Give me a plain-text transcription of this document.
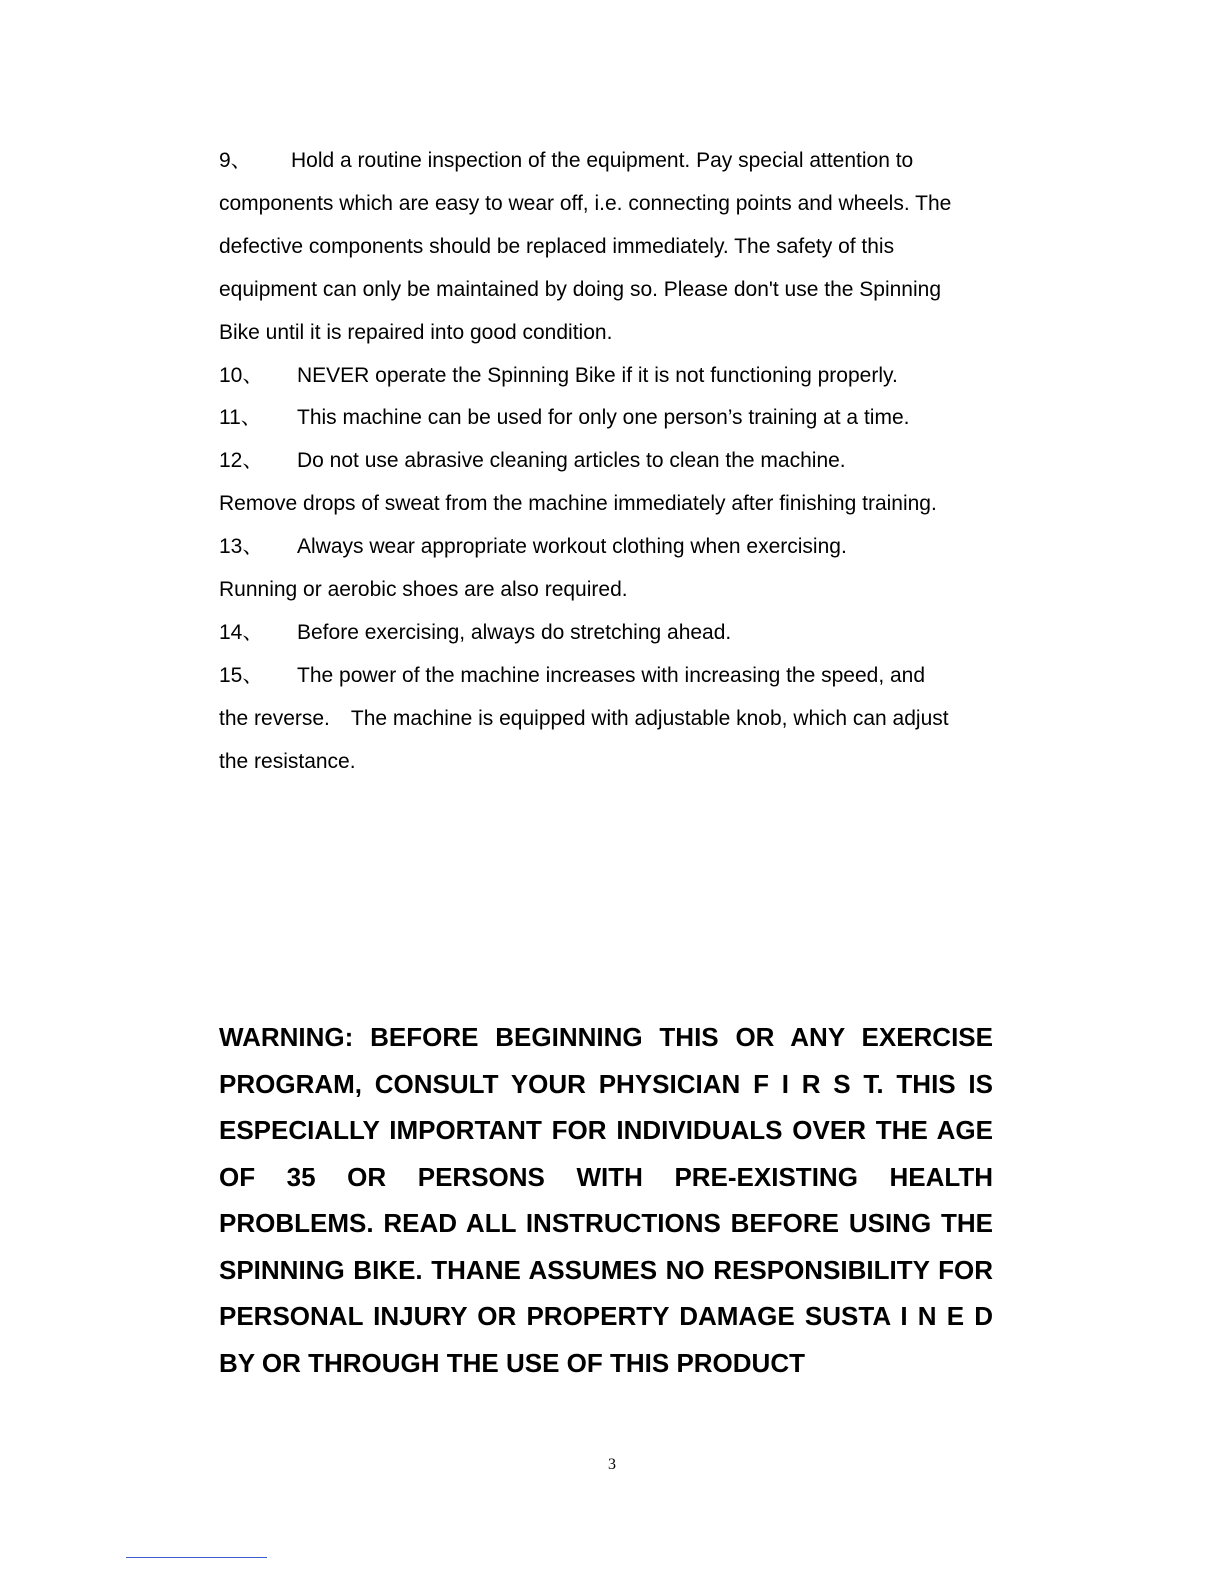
9、 Hold a routine inspection of the equipment. Pay special attention to
components which are easy to wear off, i.e. connecting points and wheels. The
defective components should be replaced immediately. The safety of this
equipment can only be maintained by doing so. Please don't use the Spinning
Bike until it is repaired into good condition.
10、 NEVER operate the Spinning Bike if it is not functioning properly.
11、 This machine can be used for only one person’s training at a time.
12、 Do not use abrasive cleaning articles to clean the machine.
Remove drops of sweat from the machine immediately after finishing training.
13、 Always wear appropriate workout clothing when exercising.
Running or aerobic shoes are also required.
14、 Before exercising, always do stretching ahead.
15、 The power of the machine increases with increasing the speed, and
the reverse. The machine is equipped with adjustable knob, which can adjust
the resistance.
WARNING: BEFORE BEGINNING THIS OR ANY EXERCISE
PROGRAM, CONSULT YOUR PHYSICIAN F I R S T. THIS IS
ESPECIALLY IMPORTANT FOR INDIVIDUALS OVER THE AGE
OF 35 OR PERSONS WITH PRE-EXISTING HEALTH
PROBLEMS. READ ALL INSTRUCTIONS BEFORE USING THE
SPINNING BIKE. THANE ASSUMES NO RESPONSIBILITY FOR
PERSONAL INJURY OR PROPERTY DAMAGE SUSTA I N E D
BY OR THROUGH THE USE OF THIS PRODUCT
3
